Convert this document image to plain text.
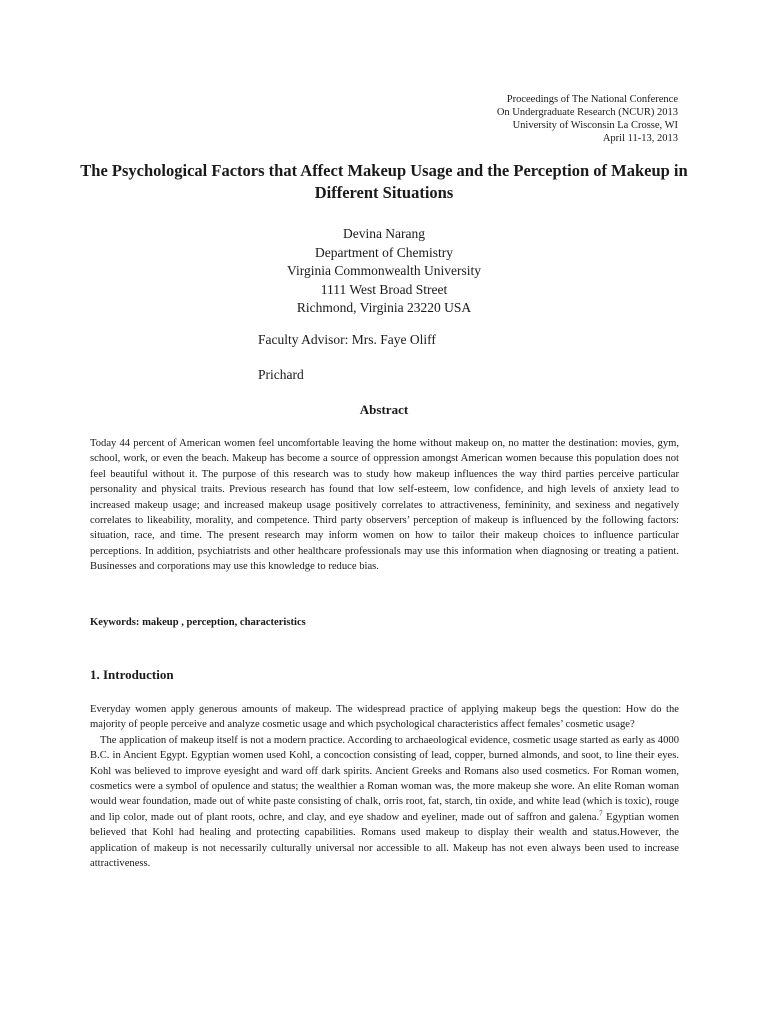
Proceedings of The National Conference
On Undergraduate Research (NCUR) 2013
University of Wisconsin La Crosse, WI
April 11-13, 2013
The Psychological Factors that Affect Makeup Usage and the Perception of Makeup in Different Situations
Devina Narang
Department of Chemistry
Virginia Commonwealth University
1111 West Broad Street
Richmond, Virginia 23220 USA
Faculty Advisor: Mrs. Faye Oliff
Prichard
Abstract
Today 44 percent of American women feel uncomfortable leaving the home without makeup on, no matter the destination: movies, gym, school, work, or even the beach. Makeup has become a source of oppression amongst American women because this population does not feel beautiful without it. The purpose of this research was to study how makeup influences the way third parties perceive particular personality and physical traits. Previous research has found that low self-esteem, low confidence, and high levels of anxiety lead to increased makeup usage; and increased makeup usage positively correlates to attractiveness, femininity, and sexiness and negatively correlates to likeability, morality, and competence. Third party observers’ perception of makeup is influenced by the following factors: situation, race, and time. The present research may inform women on how to tailor their makeup choices to influence particular perceptions. In addition, psychiatrists and other healthcare professionals may use this information when diagnosing or treating a patient. Businesses and corporations may use this knowledge to reduce bias.
Keywords: makeup , perception, characteristics
1. Introduction

Everyday women apply generous amounts of makeup. The widespread practice of applying makeup begs the question: How do the majority of people perceive and analyze cosmetic usage and which psychological characteristics affect females’ cosmetic usage?

The application of makeup itself is not a modern practice. According to archaeological evidence, cosmetic usage started as early as 4000 B.C. in Ancient Egypt. Egyptian women used Kohl, a concoction consisting of lead, copper, burned almonds, and soot, to line their eyes. Kohl was believed to improve eyesight and ward off dark spirits. Ancient Greeks and Romans also used cosmetics. For Roman women, cosmetics were a symbol of opulence and status; the wealthier a Roman woman was, the more makeup she wore. An elite Roman woman would wear foundation, made out of white paste consisting of chalk, orris root, fat, starch, tin oxide, and white lead (which is toxic), rouge and lip color, made out of plant roots, ochre, and clay, and eye shadow and eyeliner, made out of saffron and galena.$^7$ Egyptian women believed that Kohl had healing and protecting capabilities. Romans used makeup to display their wealth and status.However, the application of makeup is not necessarily culturally universal nor accessible to all. Makeup has not even always been used to increase attractiveness.
